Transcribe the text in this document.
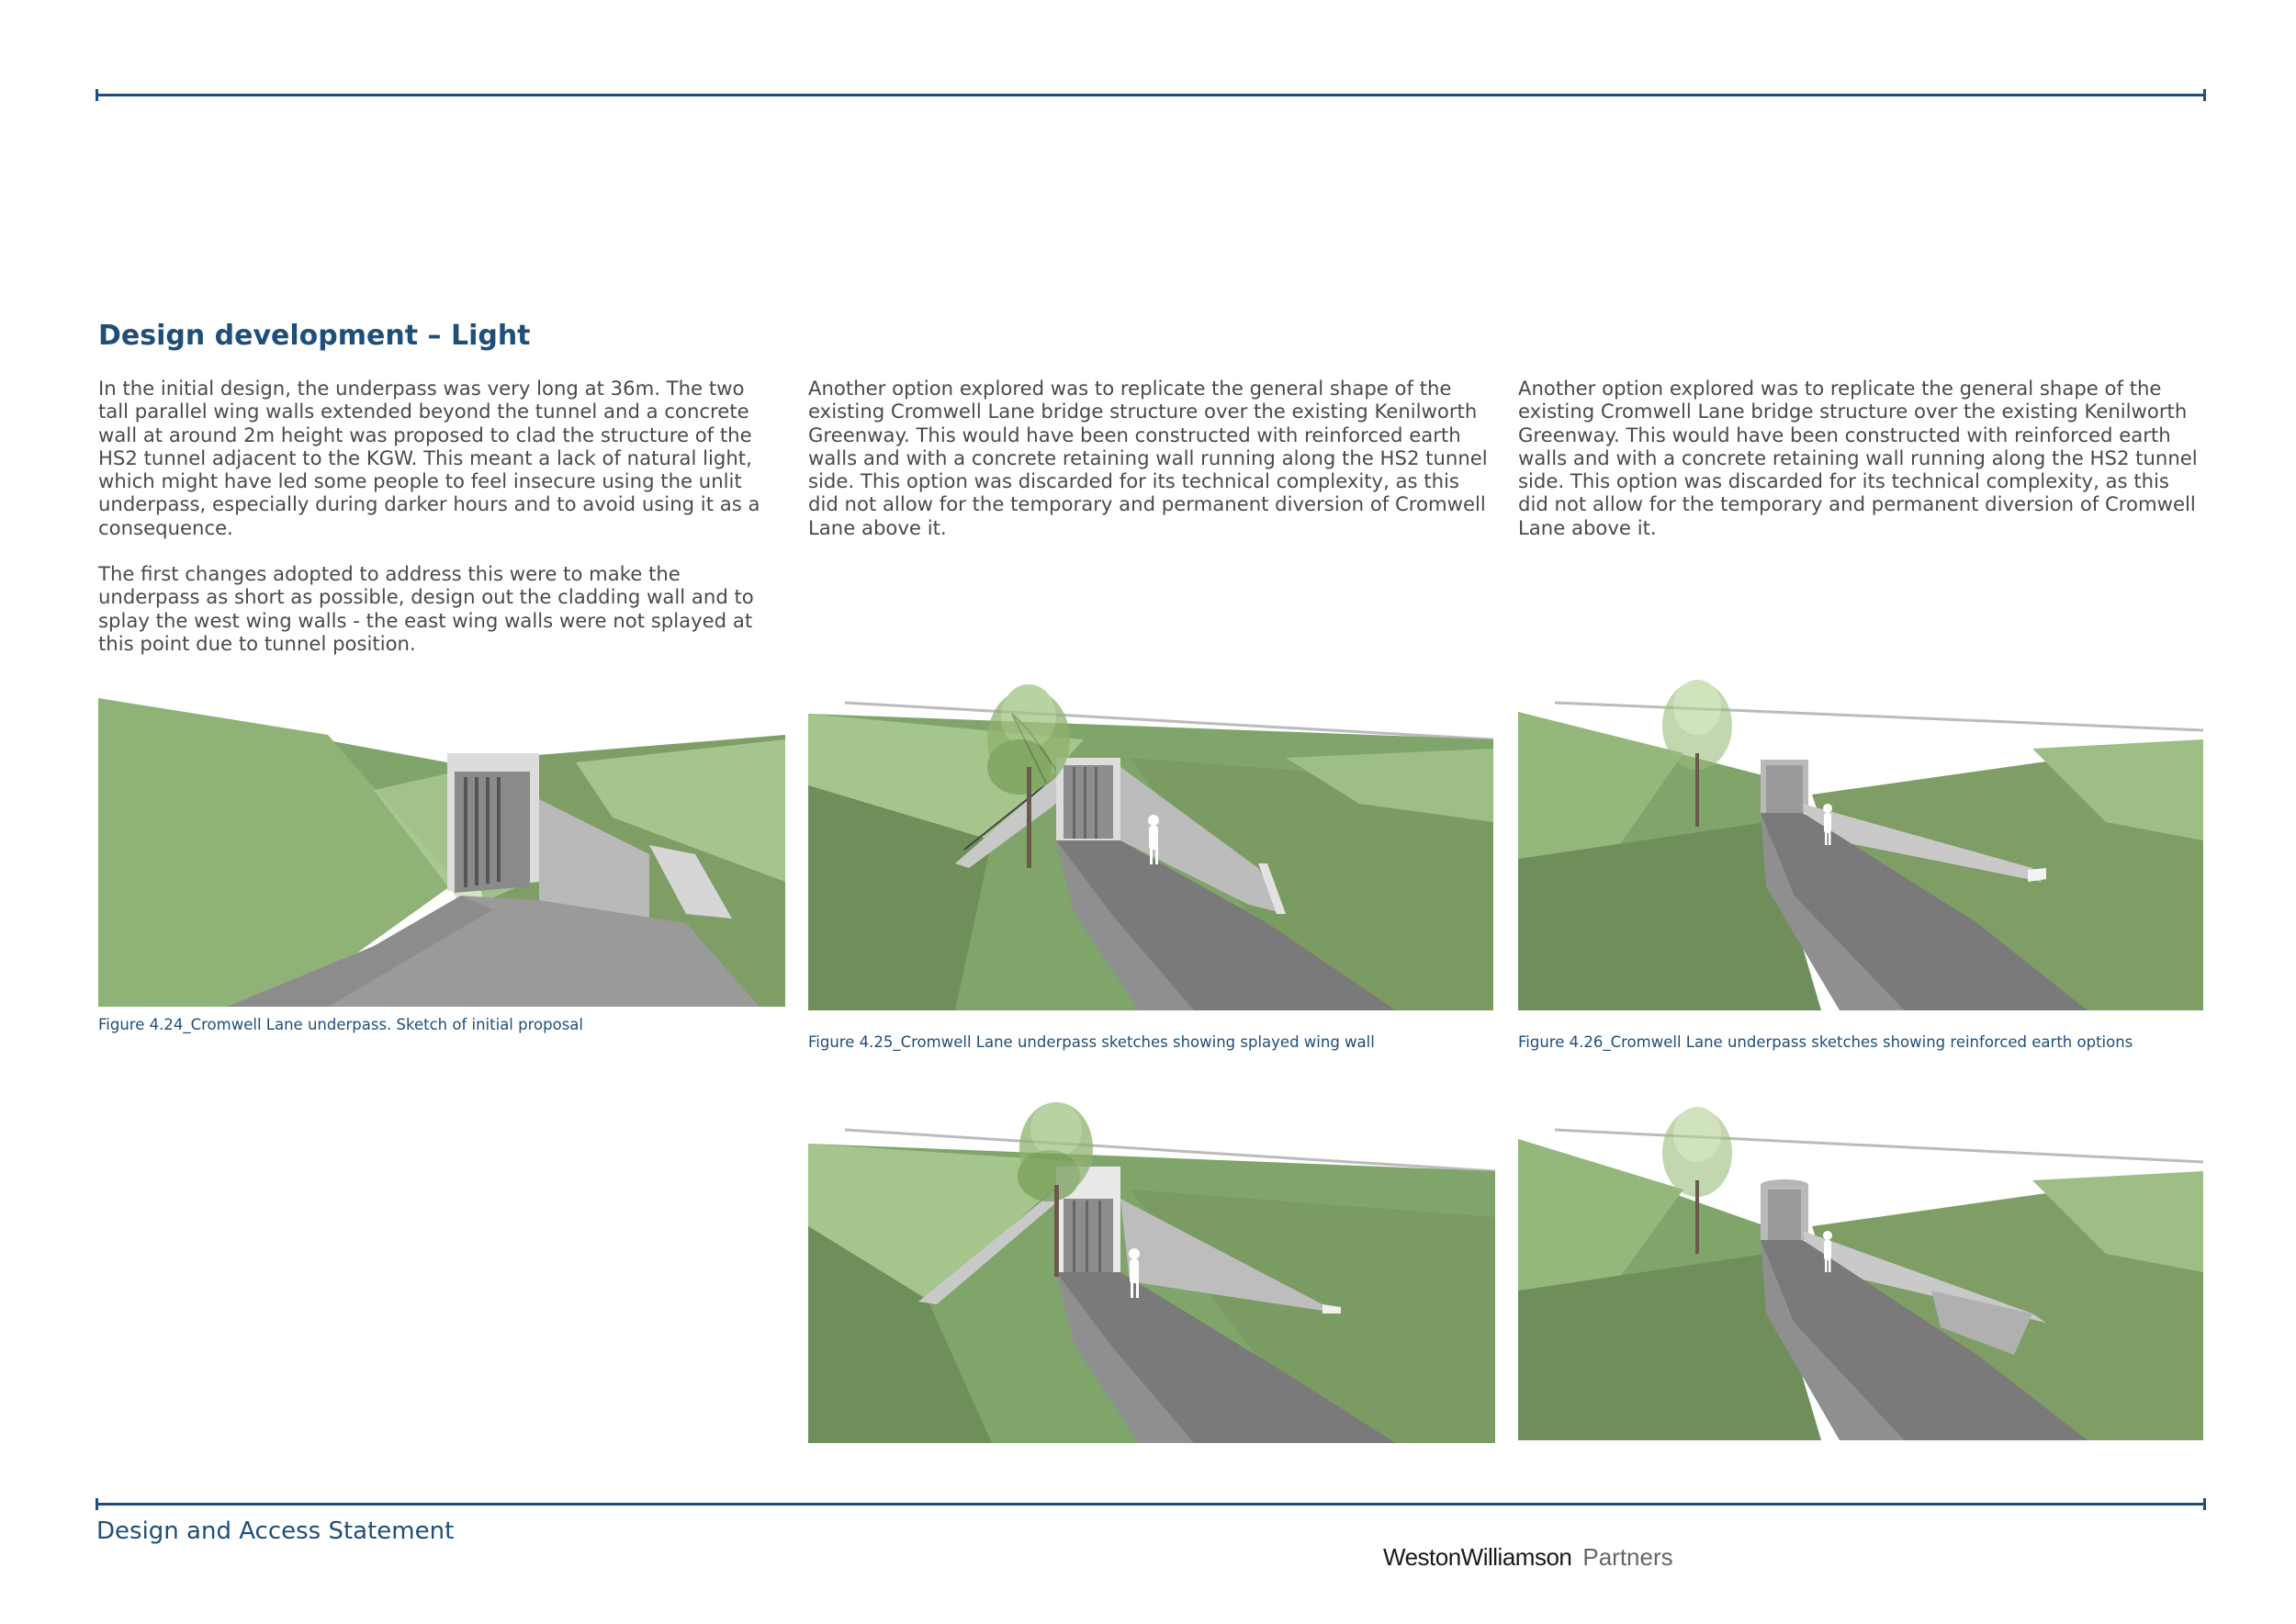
Design development – Light

In the initial design, the underpass was very long at 36m. The two tall parallel wing walls extended beyond the tunnel and a concrete wall at around 2m height was proposed to clad the structure of the HS2 tunnel adjacent to the KGW. This meant a lack of natural light, which might have led some people to feel insecure using the unlit underpass, especially during darker hours and to avoid using it as a consequence.

The first changes adopted to address this were to make the underpass as short as possible, design out the cladding wall and to splay the west wing walls - the east wing walls were not splayed at this point due to tunnel position.

Another option explored was to replicate the general shape of the existing Cromwell Lane bridge structure over the existing Kenilworth Greenway. This would have been constructed with reinforced earth walls and with a concrete retaining wall running along the HS2 tunnel side. This option was discarded for its technical complexity, as this did not allow for the temporary and permanent diversion of Cromwell Lane above it.

Another option explored was to replicate the general shape of the existing Cromwell Lane bridge structure over the existing Kenilworth Greenway. This would have been constructed with reinforced earth walls and with a concrete retaining wall running along the HS2 tunnel side. This option was discarded for its technical complexity, as this did not allow for the temporary and permanent diversion of Cromwell Lane above it.

Figure 4.24_Cromwell Lane underpass. Sketch of initial proposal
Figure 4.25_Cromwell Lane underpass sketches showing splayed wing wall	Figure 4.26_Cromwell Lane underpass sketches showing reinforced earth options
Design and Access Statement
WestonWilliamson Partners
